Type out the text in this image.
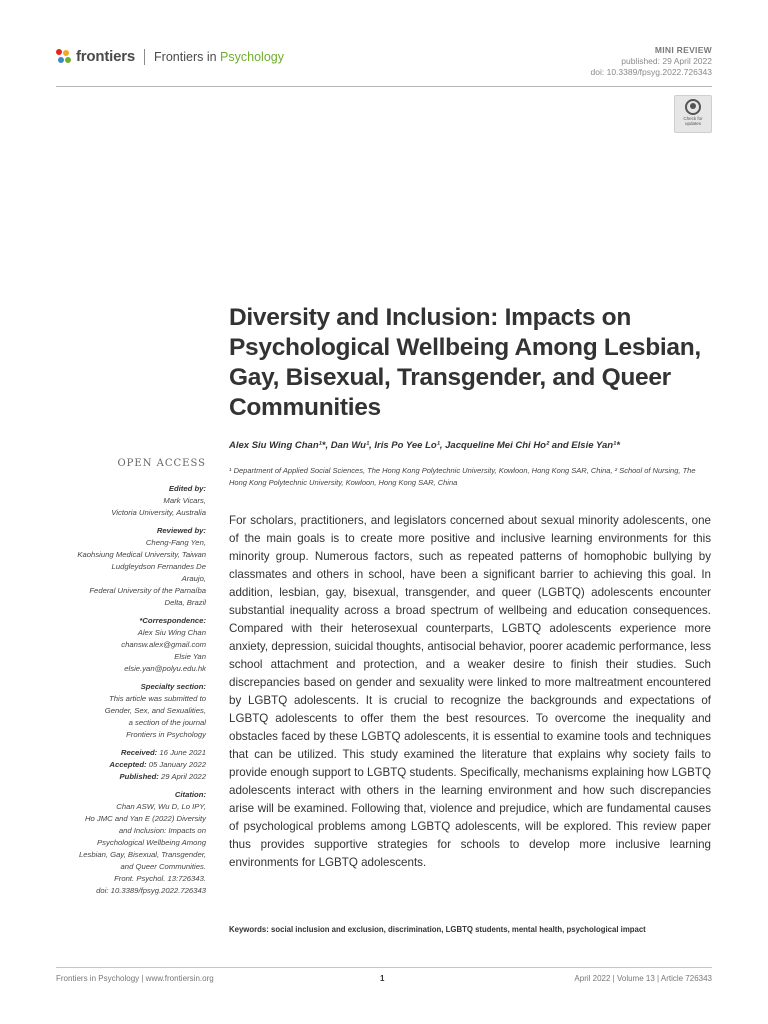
frontiers Frontiers in Psychology	MINI REVIEW
published: 29 April 2022
doi: 10.3389/fpsyg.2022.726343
Check for updates
Diversity and Inclusion: Impacts on Psychological Wellbeing Among Lesbian, Gay, Bisexual, Transgender, and Queer Communities
Alex Siu Wing Chan¹*, Dan Wu¹, Iris Po Yee Lo¹, Jacqueline Mei Chi Ho² and Elsie Yan¹*
¹ Department of Applied Social Sciences, The Hong Kong Polytechnic University, Kowloon, Hong Kong SAR, China, ² School of Nursing, The Hong Kong Polytechnic University, Kowloon, Hong Kong SAR, China
OPEN ACCESS
Edited by:
Mark Vicars,
Victoria University, Australia
Reviewed by:
Cheng-Fang Yen,
Kaohsiung Medical University, Taiwan
Ludgleydson Fernandes De
Araujo,
Federal University of the Parnaíba
Delta, Brazil
*Correspondence:
Alex Siu Wing Chan
chansw.alex@gmail.com
Elsie Yan
elsie.yan@polyu.edu.hk
Specialty section:
This article was submitted to
Gender, Sex, and Sexualities,
a section of the journal
Frontiers in Psychology
Received: 16 June 2021
Accepted: 05 January 2022
Published: 29 April 2022
Citation:
Chan ASW, Wu D, Lo IPY,
Ho JMC and Yan E (2022) Diversity
and Inclusion: Impacts on
Psychological Wellbeing Among
Lesbian, Gay, Bisexual, Transgender,
and Queer Communities.
Front. Psychol. 13:726343.
doi: 10.3389/fpsyg.2022.726343
For scholars, practitioners, and legislators concerned about sexual minority adolescents, one of the main goals is to create more positive and inclusive learning environments for this minority group. Numerous factors, such as repeated patterns of homophobic bullying by classmates and others in school, have been a significant barrier to achieving this goal. In addition, lesbian, gay, bisexual, transgender, and queer (LGBTQ) adolescents encounter substantial inequality across a broad spectrum of wellbeing and education consequences. Compared with their heterosexual counterparts, LGBTQ adolescents experience more anxiety, depression, suicidal thoughts, antisocial behavior, poorer academic performance, less school attachment and protection, and a weaker desire to finish their studies. Such discrepancies based on gender and sexuality were linked to more maltreatment encountered by LGBTQ adolescents. It is crucial to recognize the backgrounds and expectations of LGBTQ adolescents to offer them the best resources. To overcome the inequality and obstacles faced by these LGBTQ adolescents, it is essential to examine tools and techniques that can be utilized. This study examined the literature that explains why society fails to provide enough support to LGBTQ students. Specifically, mechanisms explaining how LGBTQ adolescents interact with others in the learning environment and how such discrepancies arise will be examined. Following that, violence and prejudice, which are fundamental causes of psychological problems among LGBTQ adolescents, will be explored. This review paper thus provides supportive strategies for schools to develop more inclusive learning environments for LGBTQ adolescents.
Keywords: social inclusion and exclusion, discrimination, LGBTQ students, mental health, psychological impact
Frontiers in Psychology | www.frontiersin.org	1	April 2022 | Volume 13 | Article 726343
